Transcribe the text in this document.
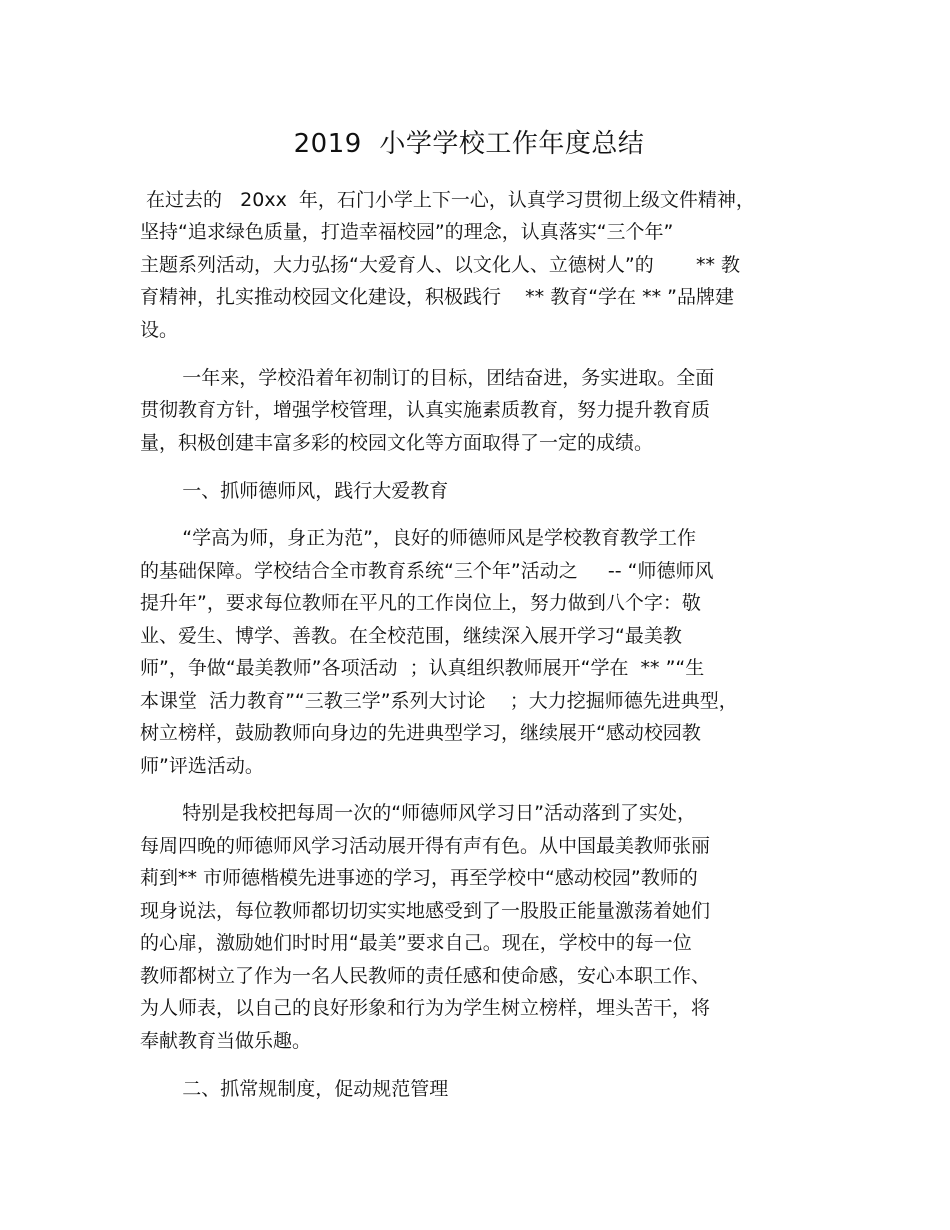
2019  小学学校工作年度总结
在过去的   20xx  年，石门小学上下一心，认真学习贯彻上级文件精神，
坚持“追求绿色质量，打造幸福校园”的理念，认真落实“三个年”
主题系列活动，大力弘扬“大爱育人、以文化人、立德树人”的       ** 教
育精神，扎实推动校园文化建设，积极践行    ** 教育“学在 ** ”品牌建
设。
一年来，学校沿着年初制订的目标，团结奋进，务实进取。全面
贯彻教育方针，增强学校管理，认真实施素质教育，努力提升教育质
量，积极创建丰富多彩的校园文化等方面取得了一定的成绩。
一、抓师德师风，践行大爱教育
“学高为师，身正为范”，良好的师德师风是学校教育教学工作
的基础保障。学校结合全市教育系统“三个年”活动之     -- “师德师风
提升年”，要求每位教师在平凡的工作岗位上，努力做到八个字：敬
业、爱生、博学、善教。在全校范围，继续深入展开学习“最美教
师”，争做“最美教师”各项活动  ；认真组织教师展开“学在  ** ”“生
本课堂  活力教育”“三教三学”系列大讨论    ；大力挖掘师德先进典型，
树立榜样，鼓励教师向身边的先进典型学习，继续展开“感动校园教
师”评选活动。
特别是我校把每周一次的“师德师风学习日”活动落到了实处，
每周四晚的师德师风学习活动展开得有声有色。从中国最美教师张丽
莉到** 市师德楷模先进事迹的学习，再至学校中“感动校园”教师的
现身说法，每位教师都切切实实地感受到了一股股正能量激荡着她们
的心扉，激励她们时时用“最美”要求自己。现在，学校中的每一位
教师都树立了作为一名人民教师的责任感和使命感，安心本职工作、
为人师表，以自己的良好形象和行为为学生树立榜样，埋头苦干，将
奉献教育当做乐趣。
二、抓常规制度，促动规范管理
